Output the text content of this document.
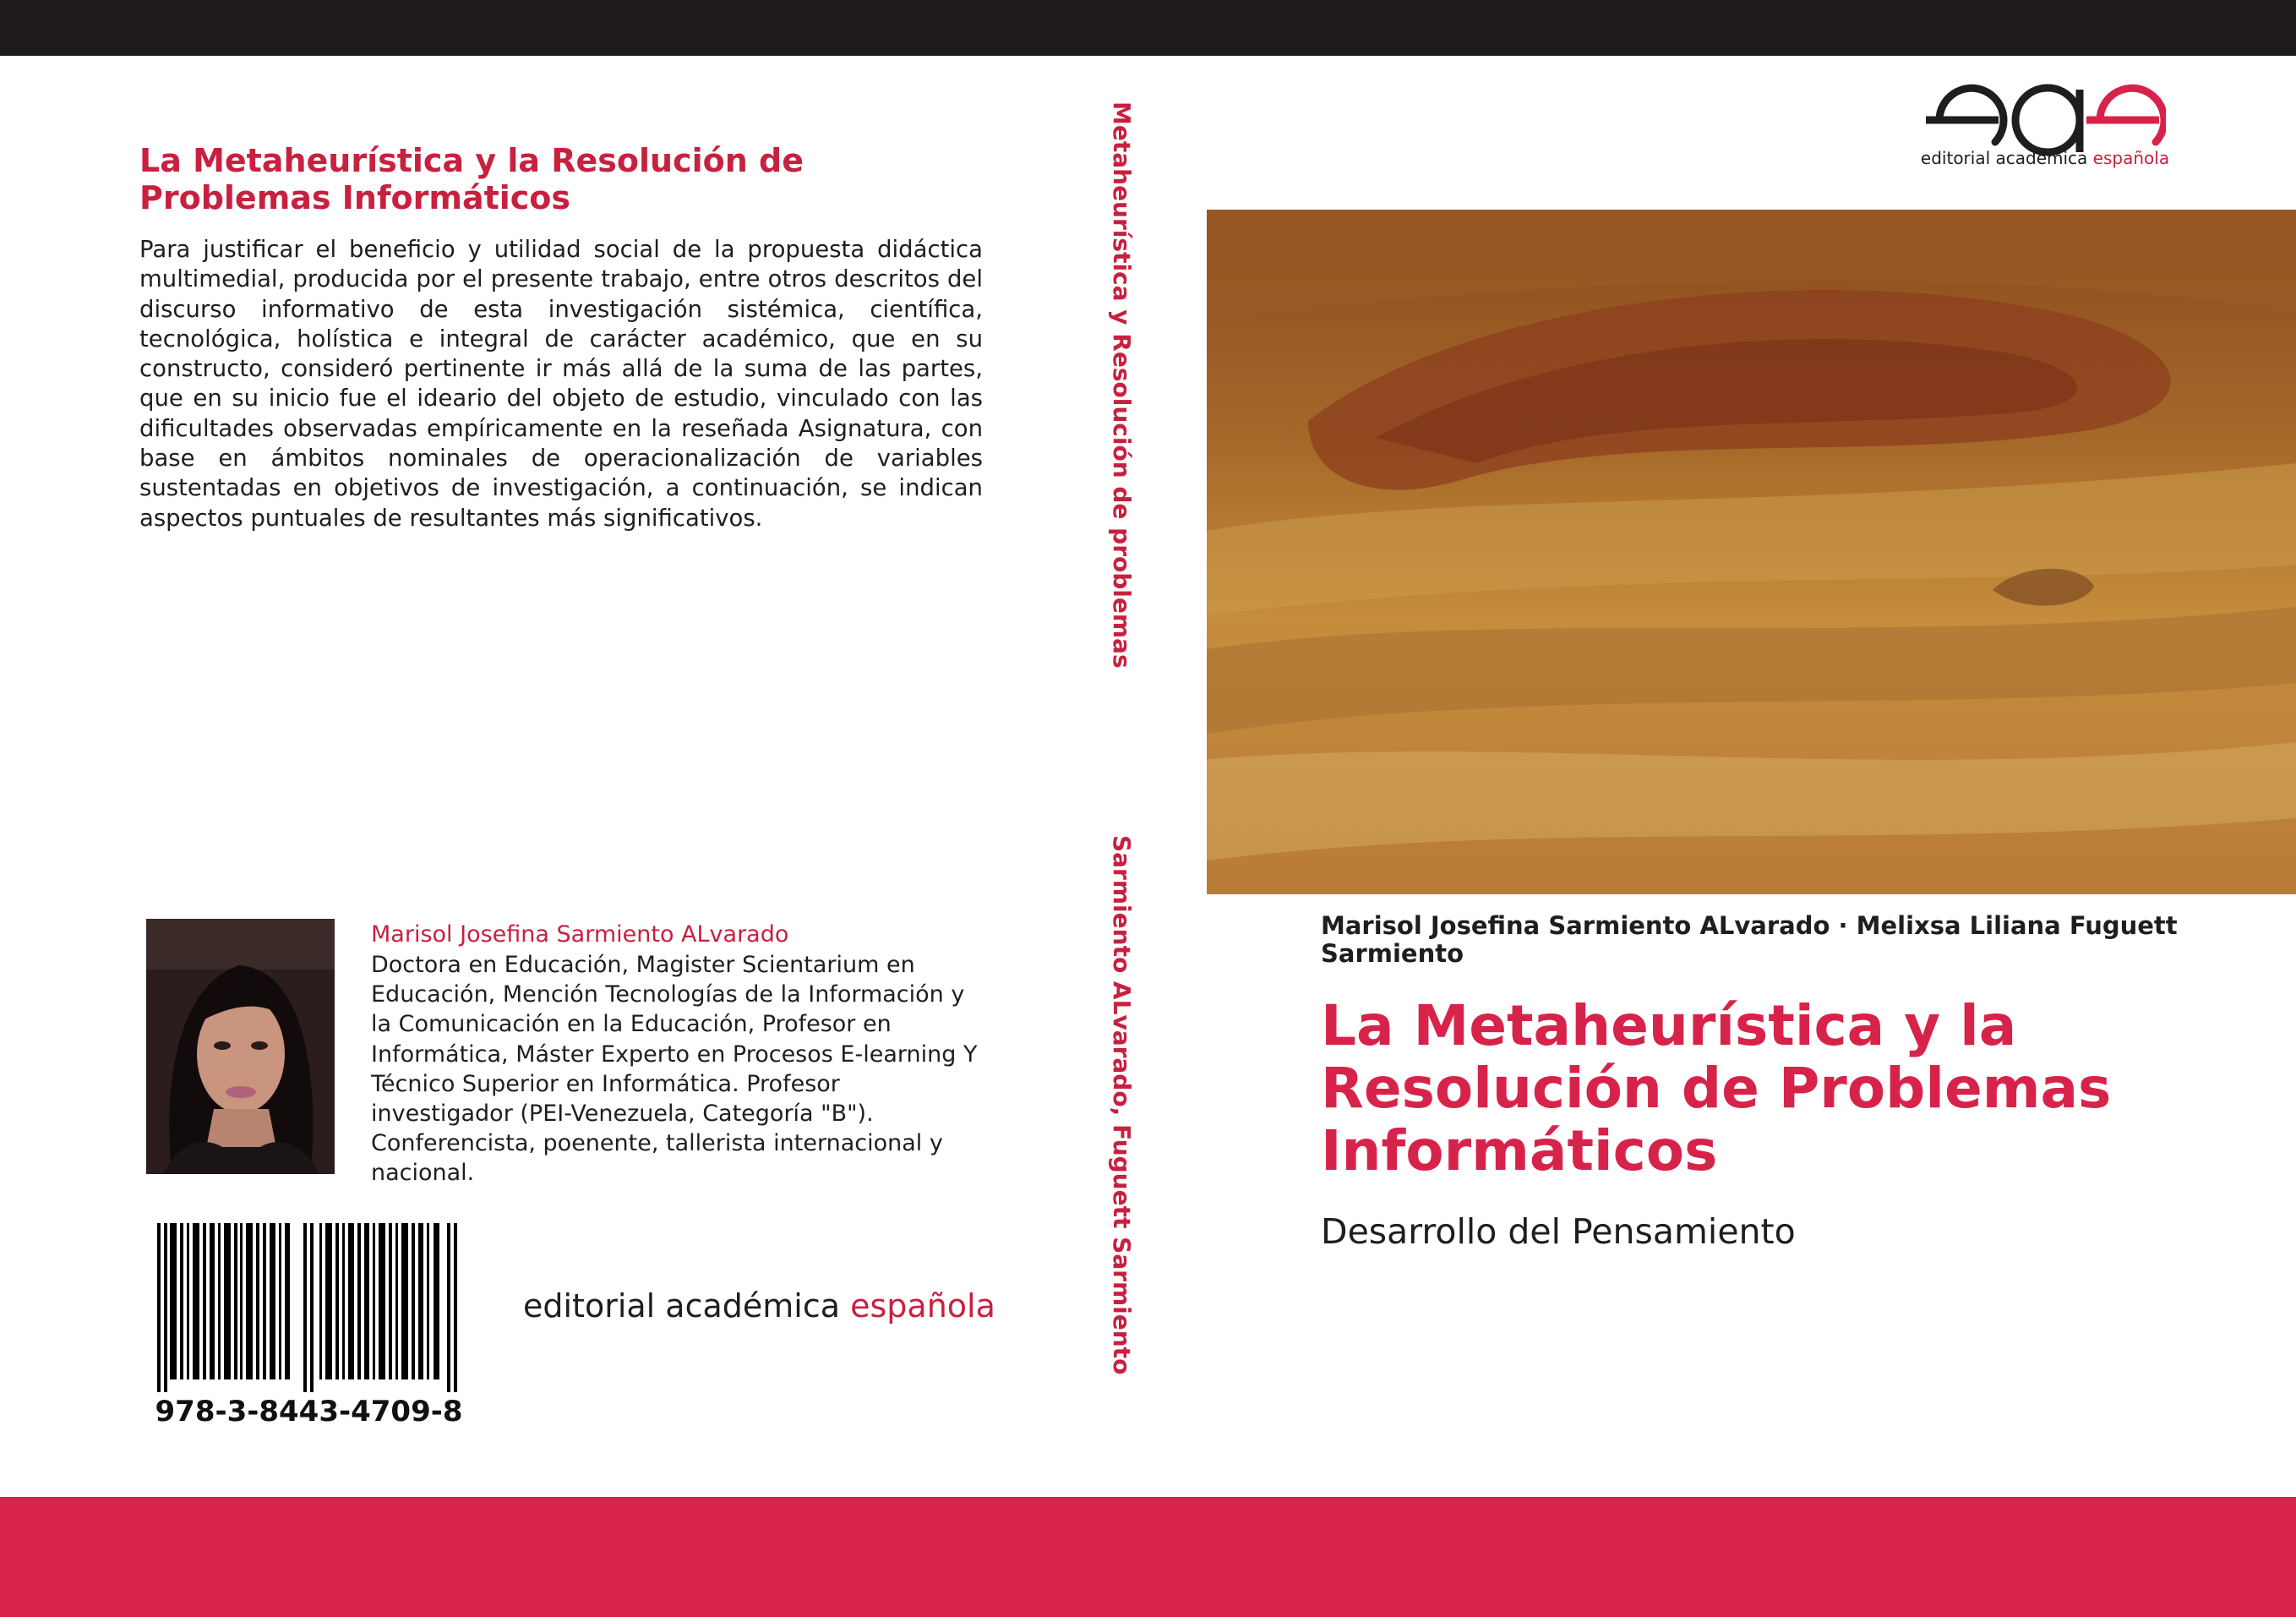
La Metaheurística y la Resolución de Problemas Informáticos

Para justificar el beneficio y utilidad social de la propuesta didáctica multimedial, producida por el presente trabajo, entre otros descritos del discurso informativo de esta investigación sistémica, científica, tecnológica, holística e integral de carácter académico, que en su constructo, consideró pertinente ir más allá de la suma de las partes, que en su inicio fue el ideario del objeto de estudio, vinculado con las dificultades observadas empíricamente en la reseñada Asignatura, con base en ámbitos nominales de operacionalización de variables sustentadas en objetivos de investigación, a continuación, se indican aspectos puntuales de resultantes más significativos.

Marisol Josefina Sarmiento ALvarado

Doctora en Educación, Magister Scientarium en Educación, Mención Tecnologías de la Información y la Comunicación en la Educación, Profesor en Informática, Máster Experto en Procesos E-learning Y Técnico Superior en Informática. Profesor investigador (PEI-Venezuela, Categoría "B"). Conferencista, poenente, tallerista internacional y nacional.

978-3-8443-4709-8
editorial académica española
Metaheurística y Resolución de problemas
Sarmiento ALvarado, Fuguett Sarmiento
editorial académica española
Marisol Josefina Sarmiento ALvarado · Melixsa Liliana Fuguett Sarmiento
La Metaheurística y la Resolución de Problemas Informáticos
Desarrollo del Pensamiento
